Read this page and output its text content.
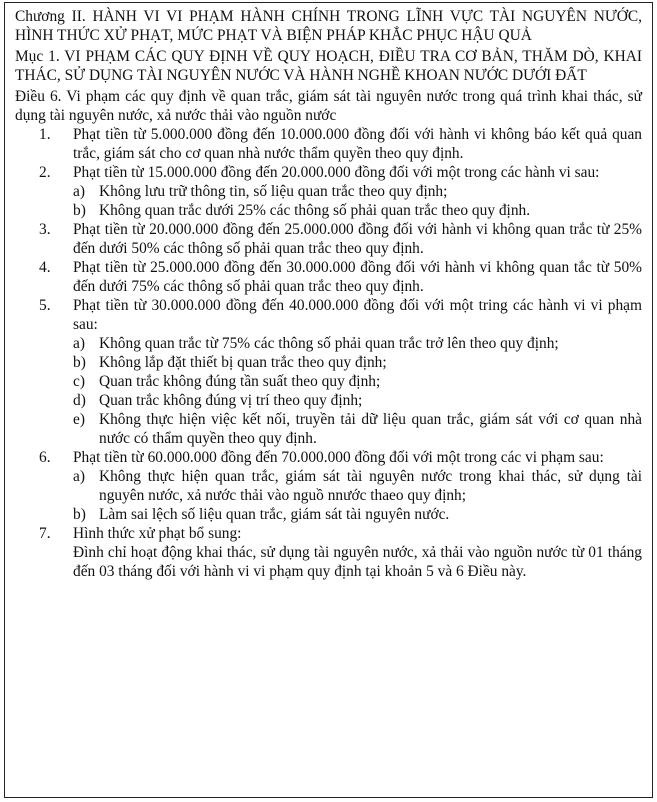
Chương II. HÀNH VI VI PHẠM HÀNH CHÍNH TRONG LĨNH VỰC TÀI NGUYÊN NƯỚC, HÌNH THỨC XỬ PHẠT, MỨC PHẠT VÀ BIỆN PHÁP KHẮC PHỤC HẬU QUẢ
Mục 1. VI PHẠM CÁC QUY ĐỊNH VỀ QUY HOẠCH, ĐIỀU TRA CƠ BẢN, THĂM DÒ, KHAI THÁC, SỬ DỤNG TÀI NGUYÊN NƯỚC VÀ HÀNH NGHỀ KHOAN NƯỚC DƯỚI ĐẤT
Điều 6. Vi phạm các quy định về quan trắc, giám sát tài nguyên nước trong quá trình khai thác, sử dụng tài nguyên nước, xả nước thải vào nguồn nước
1. Phạt tiền từ 5.000.000 đồng đến 10.000.000 đồng đối với hành vi không báo kết quả quan trắc, giám sát cho cơ quan nhà nước thẩm quyền theo quy định.
2. Phạt tiền từ 15.000.000 đồng đến 20.000.000 đồng đối với một trong các hành vi sau:
a) Không lưu trữ thông tin, số liệu quan trắc theo quy định;
b) Không quan trắc dưới 25% các thông số phải quan trắc theo quy định.
3. Phạt tiền từ 20.000.000 đồng đến 25.000.000 đồng đối với hành vi không quan trắc từ 25% đến dưới 50% các thông số phải quan trắc theo quy định.
4. Phạt tiền từ 25.000.000 đồng đến 30.000.000 đồng đối với hành vi không quan tắc từ 50% đến dưới 75% các thông số phải quan trắc theo quy định.
5. Phạt tiền từ 30.000.000 đồng đến 40.000.000 đồng đối với một tring các hành vi vi phạm sau:
a) Không quan trắc từ 75% các thông số phải quan trắc trở lên theo quy định;
b) Không lắp đặt thiết bị quan trắc theo quy định;
c) Quan trắc không đúng tần suất theo quy định;
d) Quan trắc không đúng vị trí theo quy định;
e) Không thực hiện việc kết nối, truyền tải dữ liệu quan trắc, giám sát với cơ quan nhà nước có thẩm quyền theo quy định.
6. Phạt tiền từ 60.000.000 đồng đến 70.000.000 đồng đối với một trong các vi phạm sau:
a) Không thực hiện quan trắc, giám sát tài nguyên nước trong khai thác, sử dụng tài nguyên nước, xả nước thải vào nguồ nnước thaeo quy định;
b) Làm sai lệch số liệu quan trắc, giám sát tài nguyên nước.
7. Hình thức xử phạt bổ sung:
Đình chỉ hoạt động khai thác, sử dụng tài nguyên nước, xả thải vào nguồn nước từ 01 tháng đến 03 tháng đối với hành vi vi phạm quy định tại khoản 5 và 6 Điều này.
